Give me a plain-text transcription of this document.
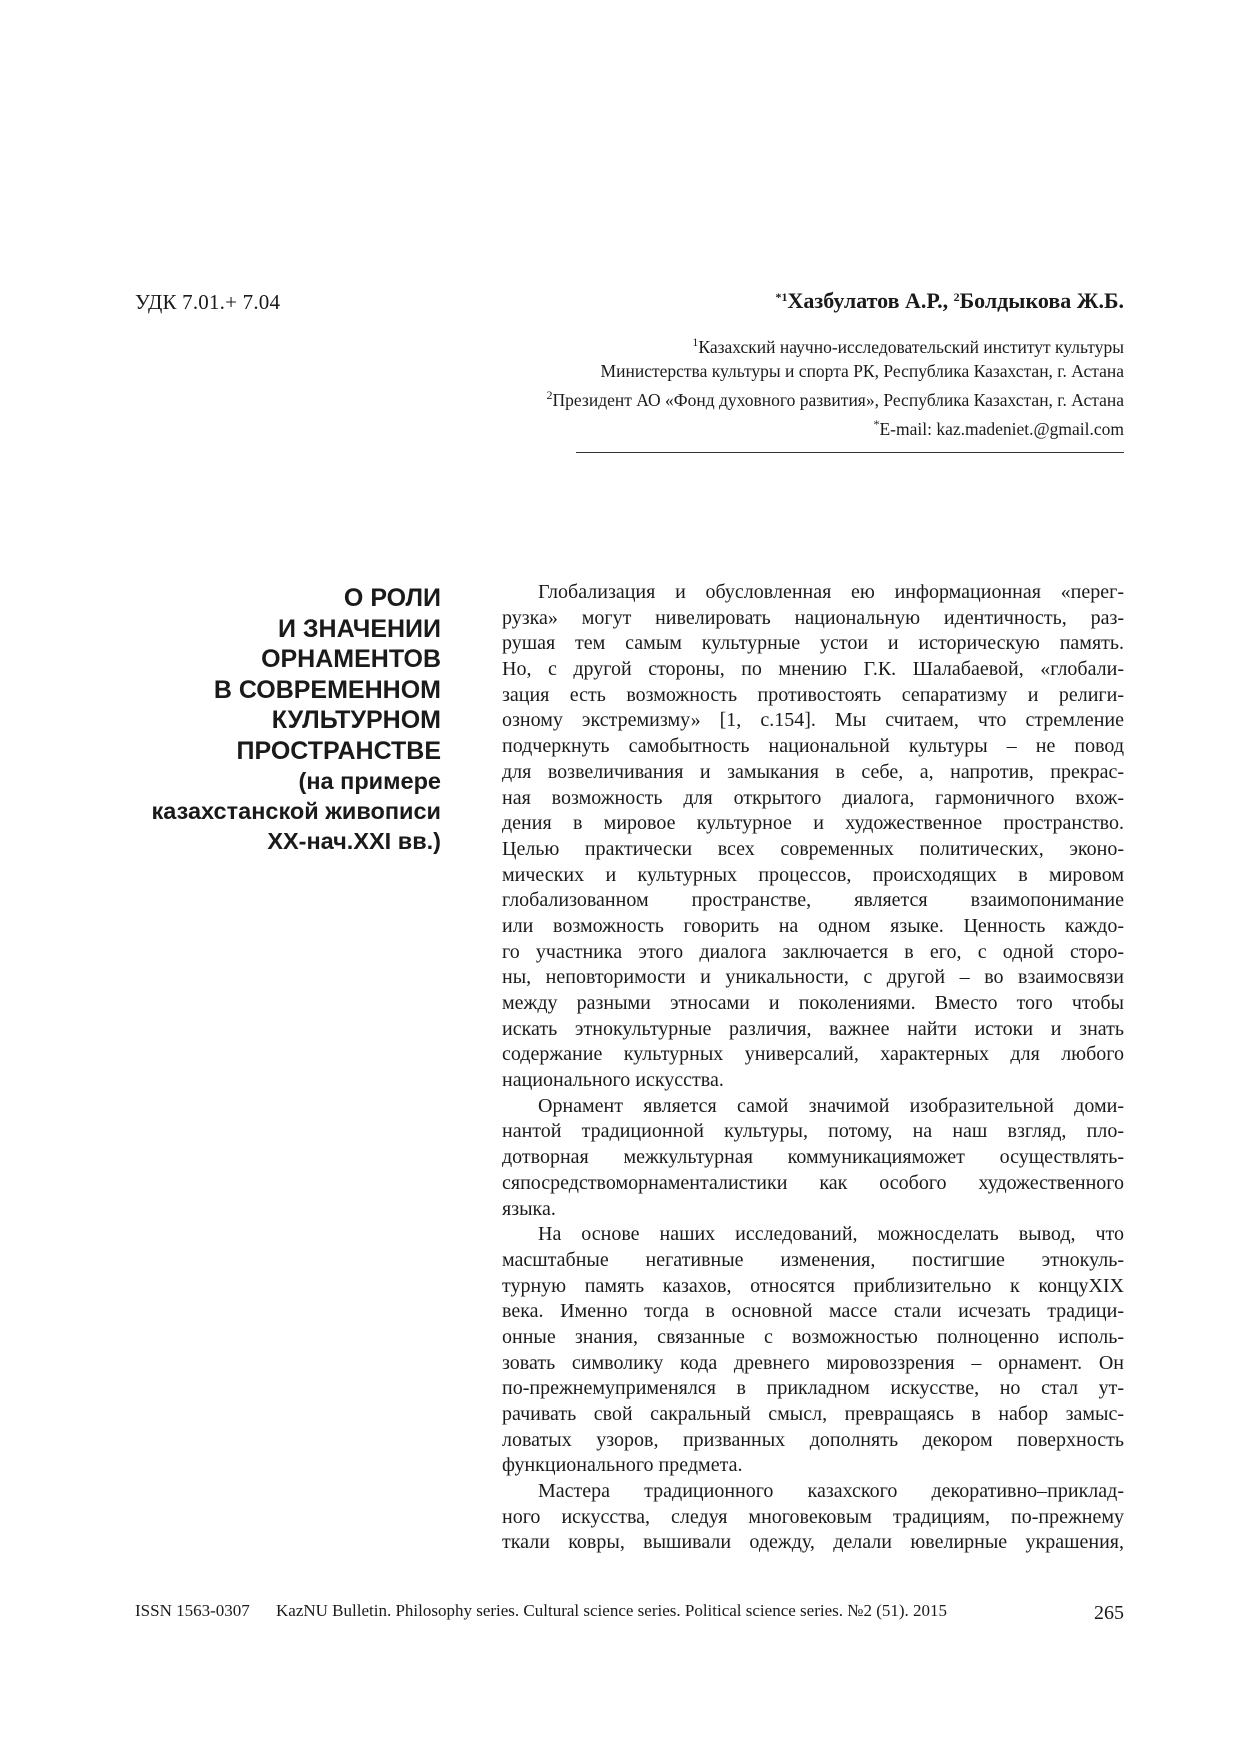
УДК 7.01.+ 7.04	$^{*1}$Хазбулатов А.Р., $^2$Болдыкова Ж.Б.
$^1$Казахский научно-исследовательский институт культуры
Министерства культуры и спорта РК, Республика Казахстан, г. Астана
$^2$Президент АО «Фонд духовного развития», Республика Казахстан, г. Астана
*E-mail: kaz.madeniet.@gmail.com
О РОЛИ
И ЗНАЧЕНИИ
ОРНАМЕНТОВ
В СОВРЕМЕННОМ
КУЛЬТУРНОМ
ПРОСТРАНСТВЕ
(на примере
казахстанской живописи
XX-нач.XXI вв.)
Глобализация и обусловленная ею информационная «перег-
рузка» могут нивелировать национальную идентичность, раз-
рушая тем самым культурные устои и историческую память.
Но, с другой стороны, по мнению Г.К. Шалабаевой, «глобали-
зация есть возможность противостоять сепаратизму и религи-
озному экстремизму» [1, с.154]. Мы считаем, что стремление
подчеркнуть самобытность национальной культуры – не повод
для возвеличивания и замыкания в себе, а, напротив, прекрас-
ная возможность для открытого диалога, гармоничного вхож-
дения в мировое культурное и художественное пространство.
Целью практически всех современных политических, эконо-
мических и культурных процессов, происходящих в мировом
глобализованном пространстве, является взаимопонимание
или возможность говорить на одном языке. Ценность каждо-
го участника этого диалога заключается в его, с одной сторо-
ны, неповторимости и уникальности, с другой – во взаимосвязи
между разными этносами и поколениями. Вместо того чтобы
искать этнокультурные различия, важнее найти истоки и знать
содержание культурных универсалий, характерных для любого
национального искусства.
Орнамент является самой значимой изобразительной доми-
нантой традиционной культуры, потому, на наш взгляд, пло-
дотворная межкультурная коммуникацияможет осуществлять-
сяпосредствоморнаменталистики как особого художественного
языка.
На основе наших исследований, можносделать вывод, что
масштабные негативные изменения, постигшие этнокуль-
турную память казахов, относятся приблизительно к концуXIX
века. Именно тогда в основной массе стали исчезать традици-
онные знания, связанные с возможностью полноценно исполь-
зовать символику кода древнего мировоззрения – орнамент. Он
по-прежнемуприменялся в прикладном искусстве, но стал ут-
рачивать свой сакральный смысл, превращаясь в набор замыс-
ловатых узоров, призванных дополнять декором поверхность
функционального предмета.
Мастера традиционного казахского декоративно–приклад-
ного искусства, следуя многовековым традициям, по-прежнему
ткали ковры, вышивали одежду, делали ювелирные украшения,
ISSN 1563-0307 KazNU Bulletin. Philosophy series. Cultural science series. Political science series. №2 (51). 2015	265
